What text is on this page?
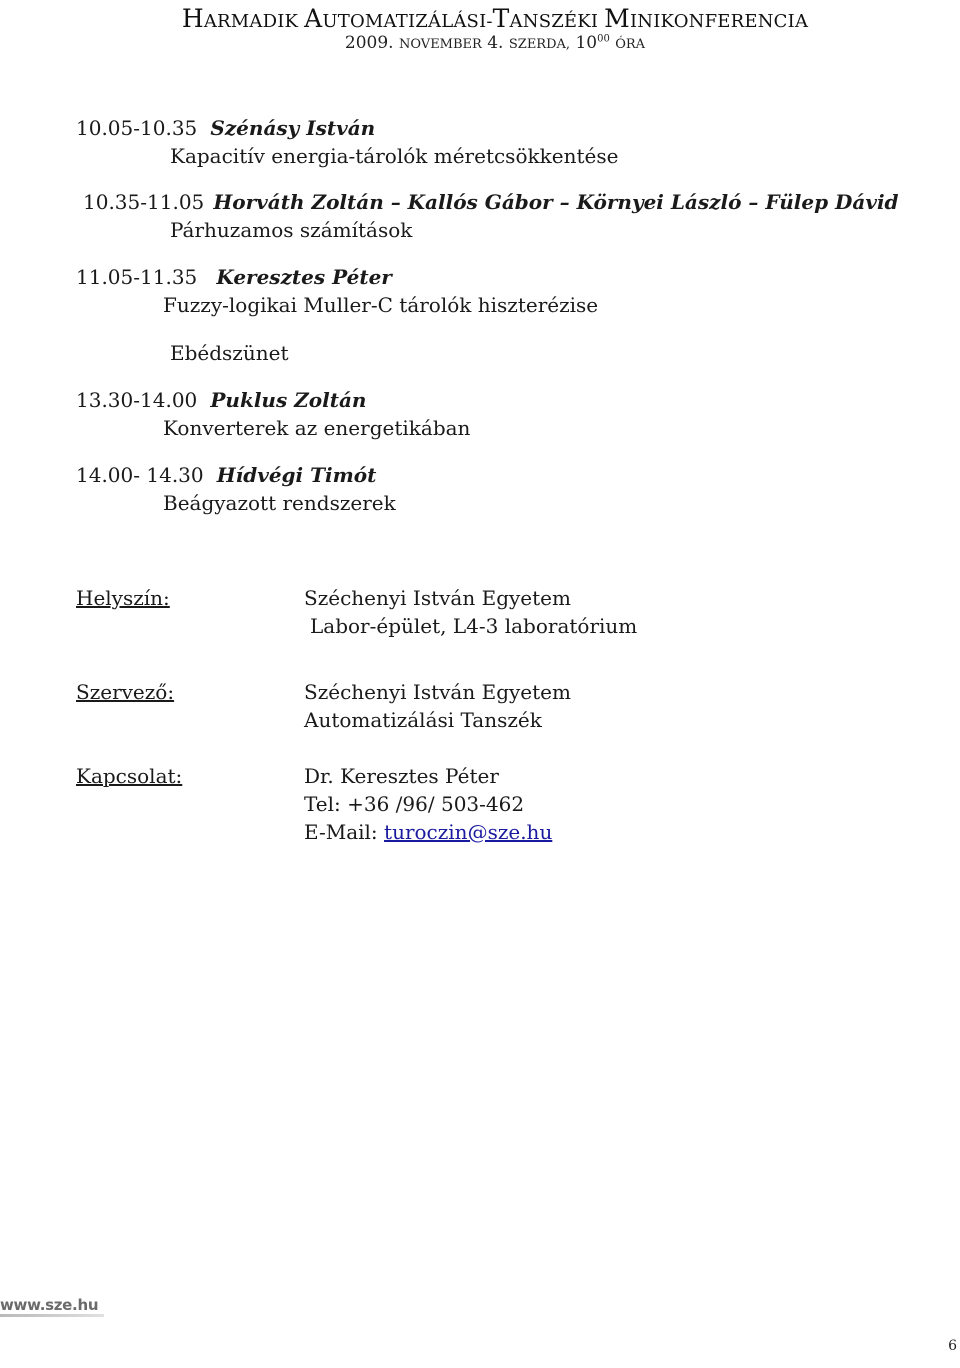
HARMADIK AUTOMATIZÁLÁSI-TANSZÉKI MINIKONFERENCIA
2009. NOVEMBER 4. SZERDA, $10^{00}$ ÓRA
10.05-10.35 Szénásy István
Kapacitív energia-tárolók méretcsökkentése
10.35-11.05 Horváth Zoltán – Kallós Gábor – Környei László – Fülep Dávid
Párhuzamos számítások
11.05-11.35 Keresztes Péter
Fuzzy-logikai Muller-C tárolók hiszterézise
Ebédszünet
13.30-14.00 Puklus Zoltán
Konverterek az energetikában
14.00- 14.30 Hídvégi Timót
Beágyazott rendszerek
Helyszín:	Széchenyi István Egyetem
Labor-épület, L4-3 laboratórium
Szervező:	Széchenyi István Egyetem
Automatizálási Tanszék
Kapcsolat:	Dr. Keresztes Péter
Tel: +36 /96/ 503-462
E-Mail: turoczin@sze.hu
www.sze.hu
6
